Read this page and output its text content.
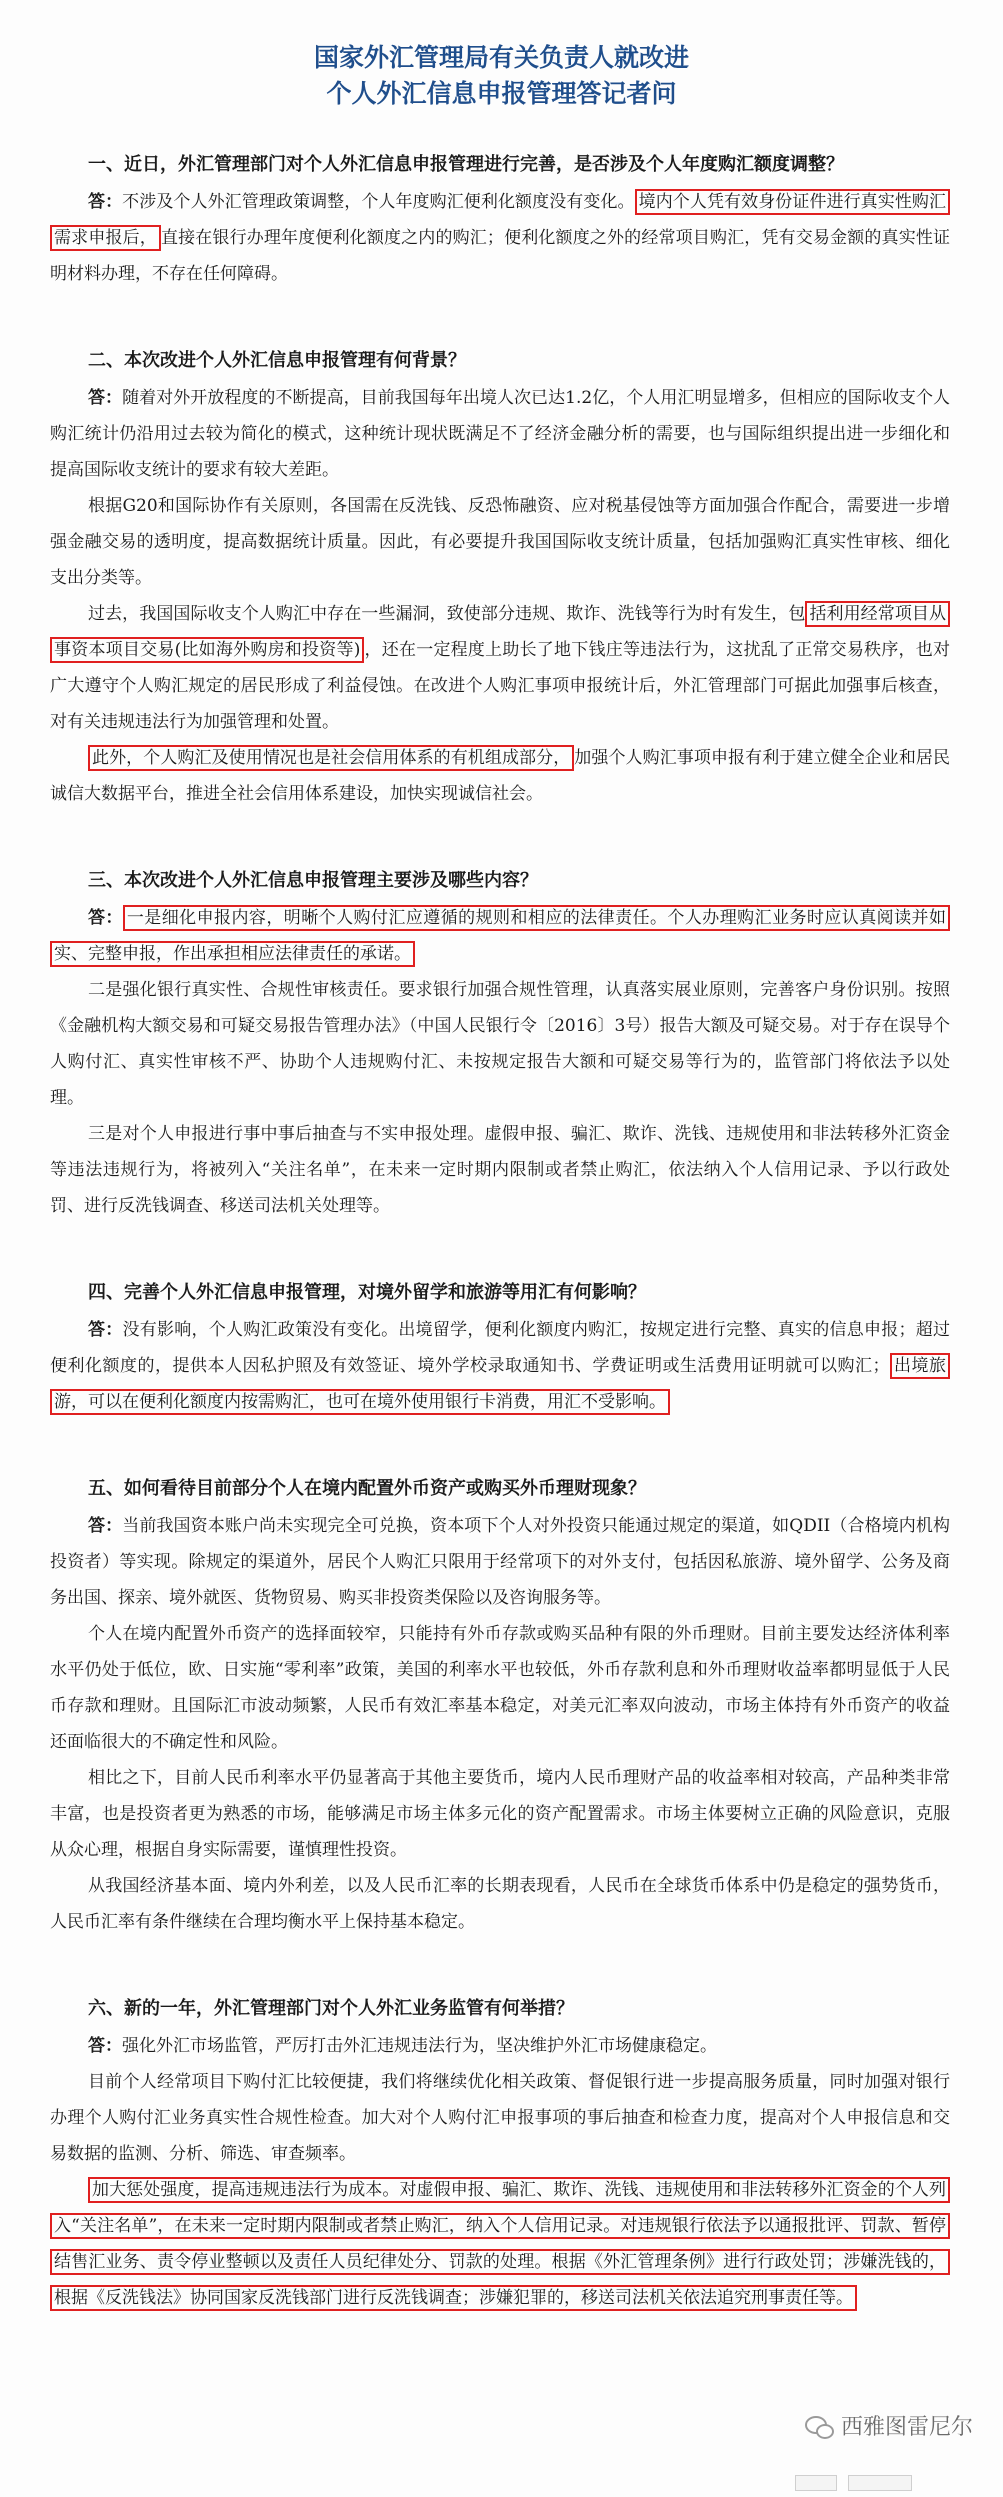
国家外汇管理局有关负责人就改进
个人外汇信息申报管理答记者问

一、近日，外汇管理部门对个人外汇信息申报管理进行完善，是否涉及个人年度购汇额度调整？

答：不涉及个人外汇管理政策调整，个人年度购汇便利化额度没有变化。 境内个人凭有效身份证件进行真实性购汇需求申报后， 直接在银行办理年度便利化额度之内的购汇；便利化额度之外的经常项目购汇，凭有交易金额的真实性证明材料办理，不存在任何障碍。

二、本次改进个人外汇信息申报管理有何背景？

答：随着对外开放程度的不断提高，目前我国每年出境人次已达1.2亿，个人用汇明显增多，但相应的国际收支个人购汇统计仍沿用过去较为简化的模式，这种统计现状既满足不了经济金融分析的需要，也与国际组织提出进一步细化和提高国际收支统计的要求有较大差距。

根据G20和国际协作有关原则，各国需在反洗钱、反恐怖融资、应对税基侵蚀等方面加强合作配合，需要进一步增强金融交易的透明度，提高数据统计质量。因此，有必要提升我国国际收支统计质量，包括加强购汇真实性审核、细化支出分类等。

过去，我国国际收支个人购汇中存在一些漏洞，致使部分违规、欺诈、洗钱等行为时有发生，包 括利用经常项目从事资本项目交易(比如海外购房和投资等) ，还在一定程度上助长了地下钱庄等违法行为，这扰乱了正常交易秩序，也对广大遵守个人购汇规定的居民形成了利益侵蚀。在改进个人购汇事项申报统计后，外汇管理部门可据此加强事后核查，对有关违规违法行为加强管理和处置。

此外，个人购汇及使用情况也是社会信用体系的有机组成部分， 加强个人购汇事项申报有利于建立健全企业和居民诚信大数据平台，推进全社会信用体系建设，加快实现诚信社会。

三、本次改进个人外汇信息申报管理主要涉及哪些内容？

答： 一是细化申报内容，明晰个人购付汇应遵循的规则和相应的法律责任。个人办理购汇业务时应认真阅读并如实、完整申报，作出承担相应法律责任的承诺。

二是强化银行真实性、合规性审核责任。要求银行加强合规性管理，认真落实展业原则，完善客户身份识别。按照《金融机构大额交易和可疑交易报告管理办法》（中国人民银行令〔2016〕3号）报告大额及可疑交易。对于存在误导个人购付汇、真实性审核不严、协助个人违规购付汇、未按规定报告大额和可疑交易等行为的，监管部门将依法予以处理。

三是对个人申报进行事中事后抽查与不实申报处理。虚假申报、骗汇、欺诈、洗钱、违规使用和非法转移外汇资金等违法违规行为，将被列入“关注名单”，在未来一定时期内限制或者禁止购汇，依法纳入个人信用记录、予以行政处罚、进行反洗钱调查、移送司法机关处理等。

四、完善个人外汇信息申报管理，对境外留学和旅游等用汇有何影响？

答：没有影响，个人购汇政策没有变化。出境留学，便利化额度内购汇，按规定进行完整、真实的信息申报；超过便利化额度的，提供本人因私护照及有效签证、境外学校录取通知书、学费证明或生活费用证明就可以购汇； 出境旅游，可以在便利化额度内按需购汇，也可在境外使用银行卡消费，用汇不受影响。

五、如何看待目前部分个人在境内配置外币资产或购买外币理财现象？

答：当前我国资本账户尚未实现完全可兑换，资本项下个人对外投资只能通过规定的渠道，如QDII（合格境内机构投资者）等实现。除规定的渠道外，居民个人购汇只限用于经常项下的对外支付，包括因私旅游、境外留学、公务及商务出国、探亲、境外就医、货物贸易、购买非投资类保险以及咨询服务等。

个人在境内配置外币资产的选择面较窄，只能持有外币存款或购买品种有限的外币理财。目前主要发达经济体利率水平仍处于低位，欧、日实施“零利率”政策，美国的利率水平也较低，外币存款利息和外币理财收益率都明显低于人民币存款和理财。且国际汇市波动频繁，人民币有效汇率基本稳定，对美元汇率双向波动，市场主体持有外币资产的收益还面临很大的不确定性和风险。

相比之下，目前人民币利率水平仍显著高于其他主要货币，境内人民币理财产品的收益率相对较高，产品种类非常丰富，也是投资者更为熟悉的市场，能够满足市场主体多元化的资产配置需求。市场主体要树立正确的风险意识，克服从众心理，根据自身实际需要，谨慎理性投资。

从我国经济基本面、境内外利差，以及人民币汇率的长期表现看，人民币在全球货币体系中仍是稳定的强势货币，人民币汇率有条件继续在合理均衡水平上保持基本稳定。

六、新的一年，外汇管理部门对个人外汇业务监管有何举措？

答：强化外汇市场监管，严厉打击外汇违规违法行为，坚决维护外汇市场健康稳定。

目前个人经常项目下购付汇比较便捷，我们将继续优化相关政策、督促银行进一步提高服务质量，同时加强对银行办理个人购付汇业务真实性合规性检查。加大对个人购付汇申报事项的事后抽查和检查力度，提高对个人申报信息和交易数据的监测、分析、筛选、审查频率。

加大惩处强度，提高违规违法行为成本。对虚假申报、骗汇、欺诈、洗钱、违规使用和非法转移外汇资金的个人列入“关注名单”，在未来一定时期内限制或者禁止购汇，纳入个人信用记录。对违规银行依法予以通报批评、罚款、暂停结售汇业务、责令停业整顿以及责任人员纪律处分、罚款的处理。根据《外汇管理条例》进行行政处罚；涉嫌洗钱的，根据《反洗钱法》协同国家反洗钱部门进行反洗钱调查；涉嫌犯罪的，移送司法机关依法追究刑事责任等。

西雅图雷尼尔
